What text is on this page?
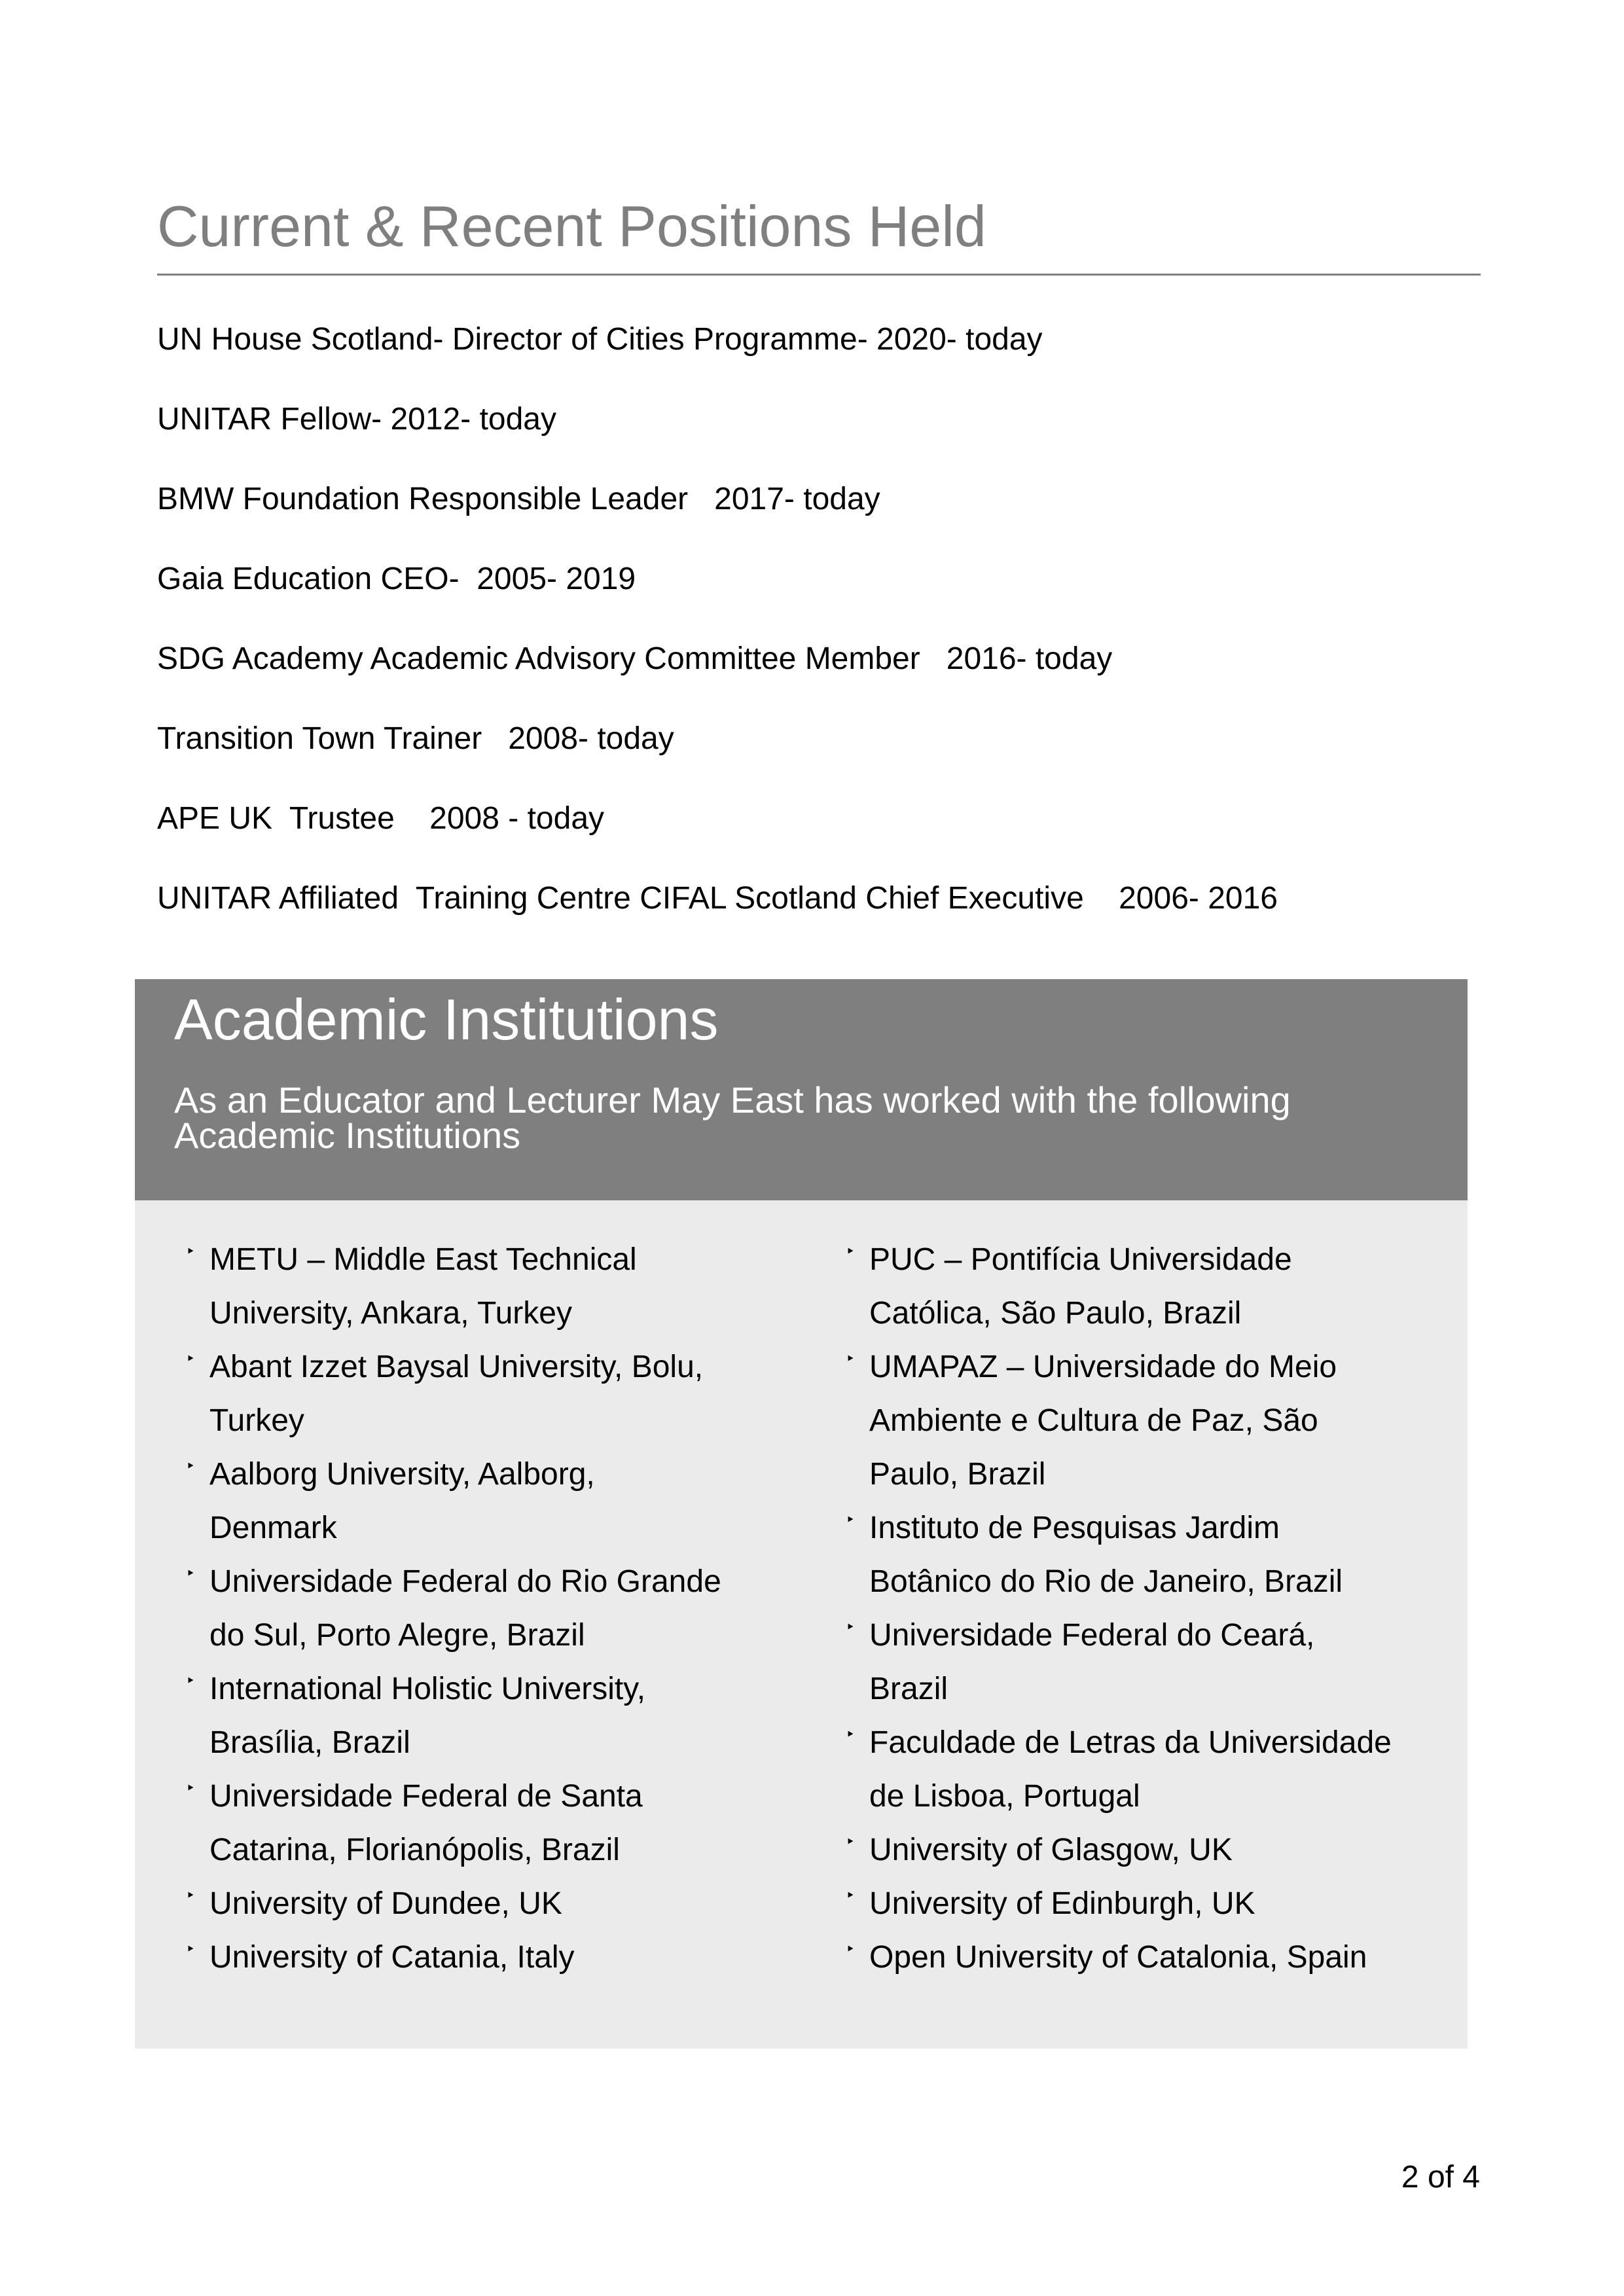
Current & Recent Positions Held
UN House Scotland- Director of Cities Programme- 2020- today
UNITAR Fellow- 2012- today
BMW Foundation Responsible Leader   2017- today
Gaia Education CEO-  2005- 2019
SDG Academy Academic Advisory Committee Member   2016- today
Transition Town Trainer   2008- today
APE UK  Trustee    2008 - today
UNITAR Affiliated  Training Centre CIFAL Scotland Chief Executive    2006- 2016
Academic Institutions

As an Educator and Lecturer May East has worked with the following Academic Institutions

‣ METU – Middle East Technical
University, Ankara, Turkey
‣ Abant Izzet Baysal University, Bolu,
Turkey
‣ Aalborg University, Aalborg,
Denmark
‣ Universidade Federal do Rio Grande
do Sul, Porto Alegre, Brazil
‣ International Holistic University,
Brasília, Brazil
‣ Universidade Federal de Santa
Catarina, Florianópolis, Brazil
‣ University of Dundee, UK
‣ University of Catania, Italy
‣ PUC – Pontifícia Universidade
Católica, São Paulo, Brazil
‣ UMAPAZ – Universidade do Meio
Ambiente e Cultura de Paz, São
Paulo, Brazil
‣ Instituto de Pesquisas Jardim
Botânico do Rio de Janeiro, Brazil
‣ Universidade Federal do Ceará,
Brazil
‣ Faculdade de Letras da Universidade
de Lisboa, Portugal
‣ University of Glasgow, UK
‣ University of Edinburgh, UK
‣ Open University of Catalonia, Spain
2 of 4
